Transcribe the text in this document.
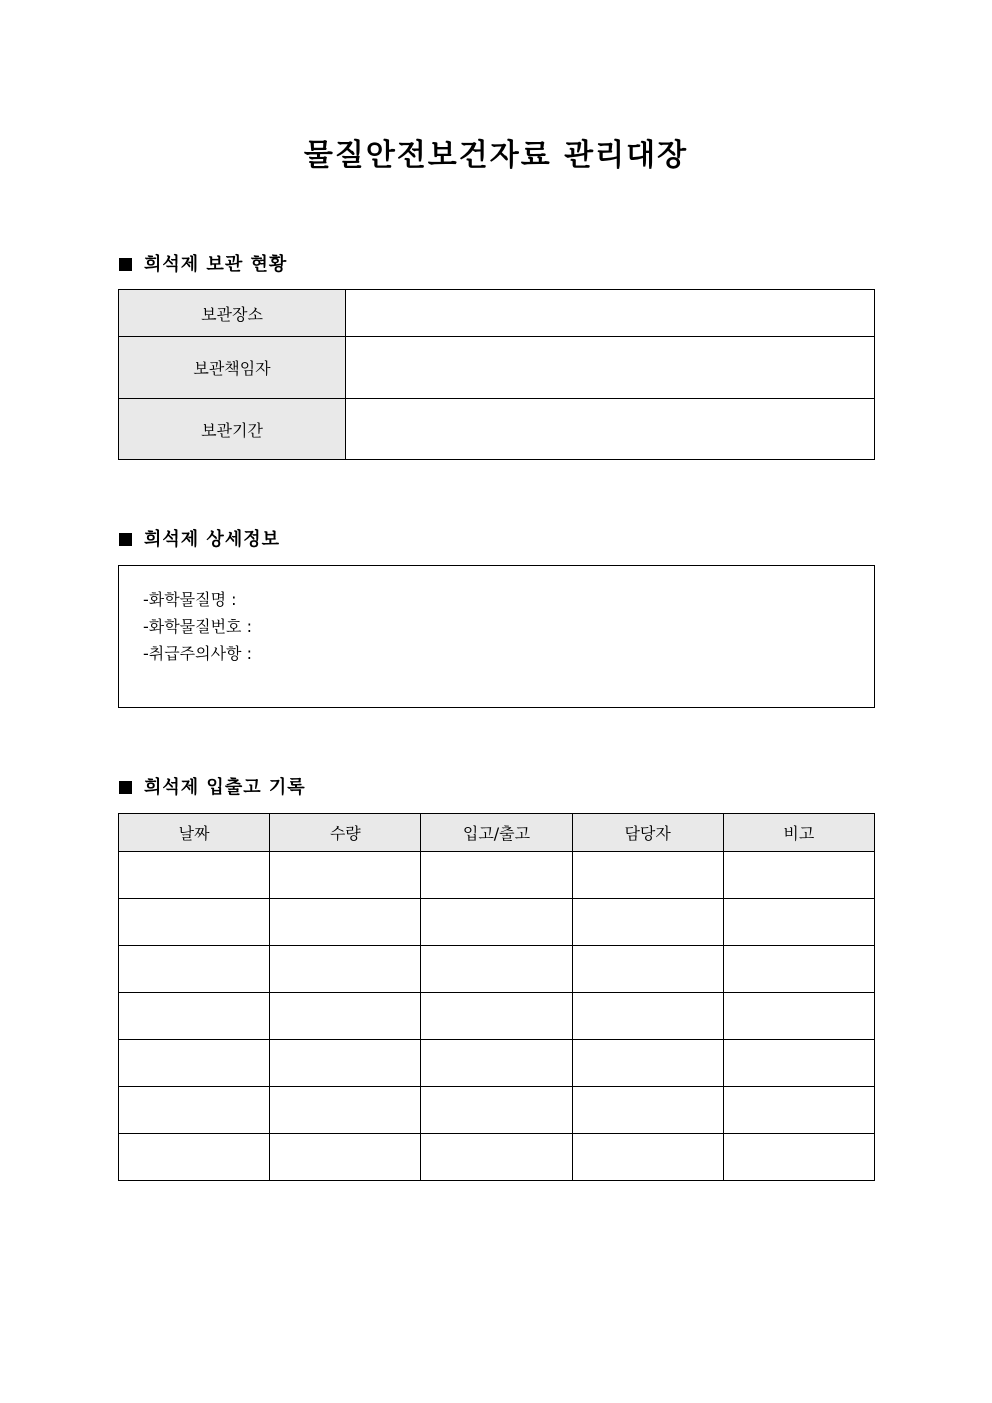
물질안전보건자료 관리대장
희석제 보관 현황
보관장소	
보관책임자	
보관기간	
희석제 상세정보
-화학물질명 :
-화학물질번호 :
-취급주의사항 :
희석제 입출고 기록
날짜	수량	입고/출고	담당자	비고
